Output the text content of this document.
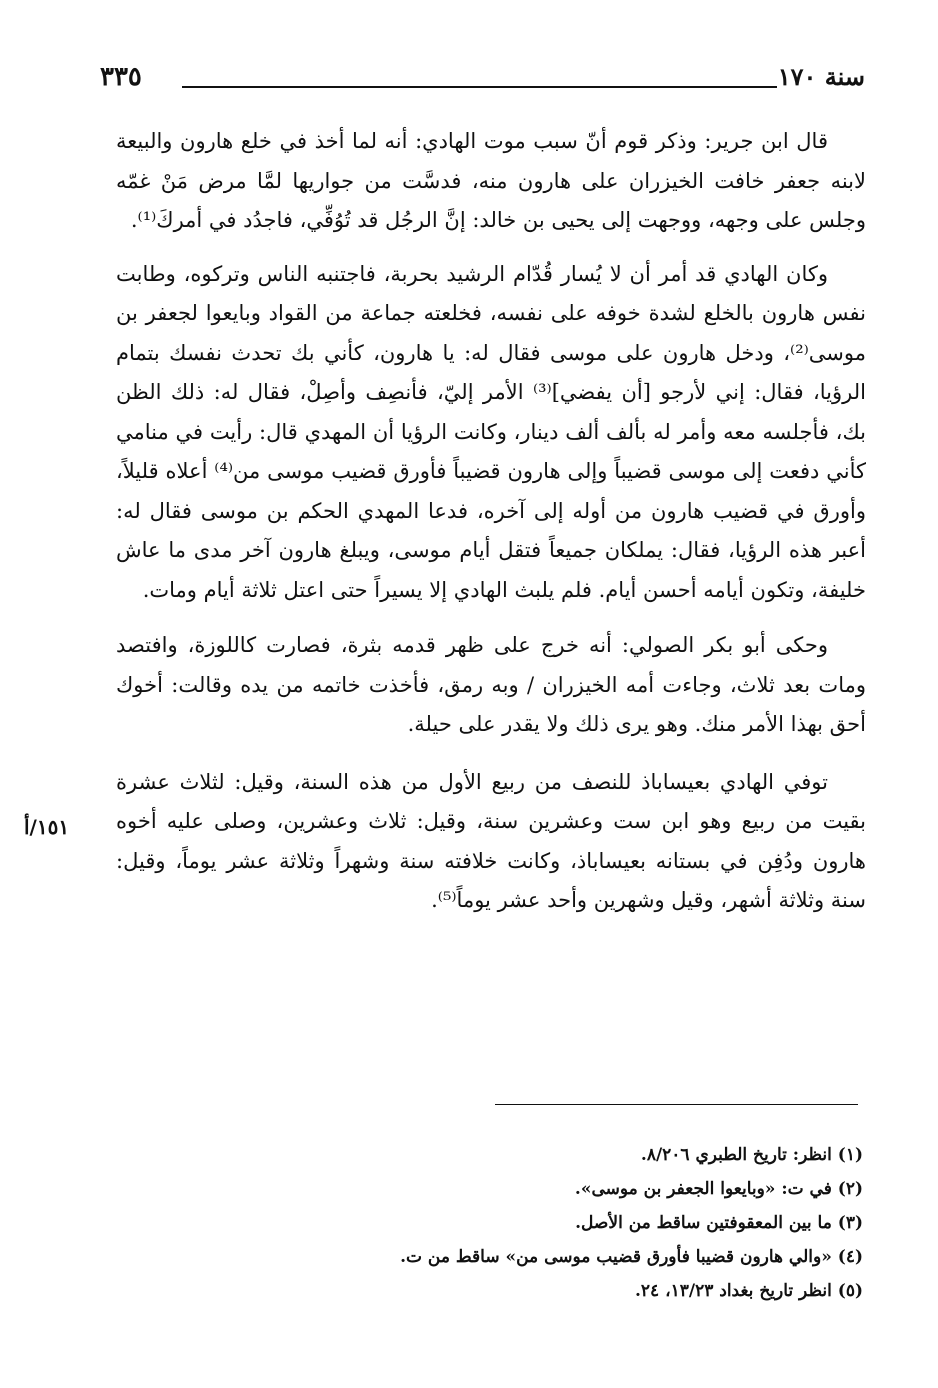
سنة ١٧٠
٣٣٥

قال ابن جرير: وذكر قوم أنّ سبب موت الهادي: أنه لما أخذ في خلع هارون والبيعة لابنه جعفر خافت الخيزران على هارون منه، فدسَّت من جواريها لمَّا مرض مَنْ غمّه وجلس على وجهه، ووجهت إلى يحيى بن خالد: إنَّ الرجُل قد تُوُفِّي، فاجدُد في أمركَ⁽¹⁾.

وكان الهادي قد أمر أن لا يُسار قُدّام الرشيد بحربة، فاجتنبه الناس وتركوه، وطابت نفس هارون بالخلع لشدة خوفه على نفسه، فخلعته جماعة من القواد وبايعوا لجعفر بن موسى⁽²⁾، ودخل هارون على موسى فقال له: يا هارون، كأني بك تحدث نفسك بتمام الرؤيا، فقال: إني لأرجو [أن يفضي]⁽³⁾ الأمر إليّ، فأنصِف وأصِلْ، فقال له: ذلك الظن بك، فأجلسه معه وأمر له بألف ألف دينار، وكانت الرؤيا أن المهدي قال: رأيت في منامي كأني دفعت إلى موسى قضيباً وإلى هارون قضيباً فأورق قضيب موسى من⁽⁴⁾ أعلاه قليلاً، وأورق في قضيب هارون من أوله إلى آخره، فدعا المهدي الحكم بن موسى فقال له: أعبر هذه الرؤيا، فقال: يملكان جميعاً فتقل أيام موسى، ويبلغ هارون آخر مدى ما عاش خليفة، وتكون أيامه أحسن أيام. فلم يلبث الهادي إلا يسيراً حتى اعتل ثلاثة أيام ومات.

وحكى أبو بكر الصولي: أنه خرج على ظهر قدمه بثرة، فصارت كاللوزة، وافتصد ومات بعد ثلاث، وجاءت أمه الخيزران / وبه رمق، فأخذت خاتمه من يده وقالت: أخوك أحق بهذا الأمر منك. وهو يرى ذلك ولا يقدر على حيلة.

توفي الهادي بعيساباذ للنصف من ربيع الأول من هذه السنة، وقيل: لثلاث عشرة بقيت من ربيع وهو ابن ست وعشرين سنة، وقيل: ثلاث وعشرين، وصلى عليه أخوه هارون ودُفِن في بستانه بعيساباذ، وكانت خلافته سنة وشهراً وثلاثة عشر يوماً، وقيل: سنة وثلاثة أشهر، وقيل وشهرين وأحد عشر يوماً⁽⁵⁾.

١٥١/أ
(١) انظر: تاريخ الطبري ٨/٢٠٦.
(٢) في ت: «وبايعوا الجعفر بن موسى».
(٣) ما بين المعقوفتين ساقط من الأصل.
(٤) «والي هارون قضيبا فأورق قضيب موسى من» ساقط من ت.
(٥) انظر تاريخ بغداد ١٣/٢٣، ٢٤.
